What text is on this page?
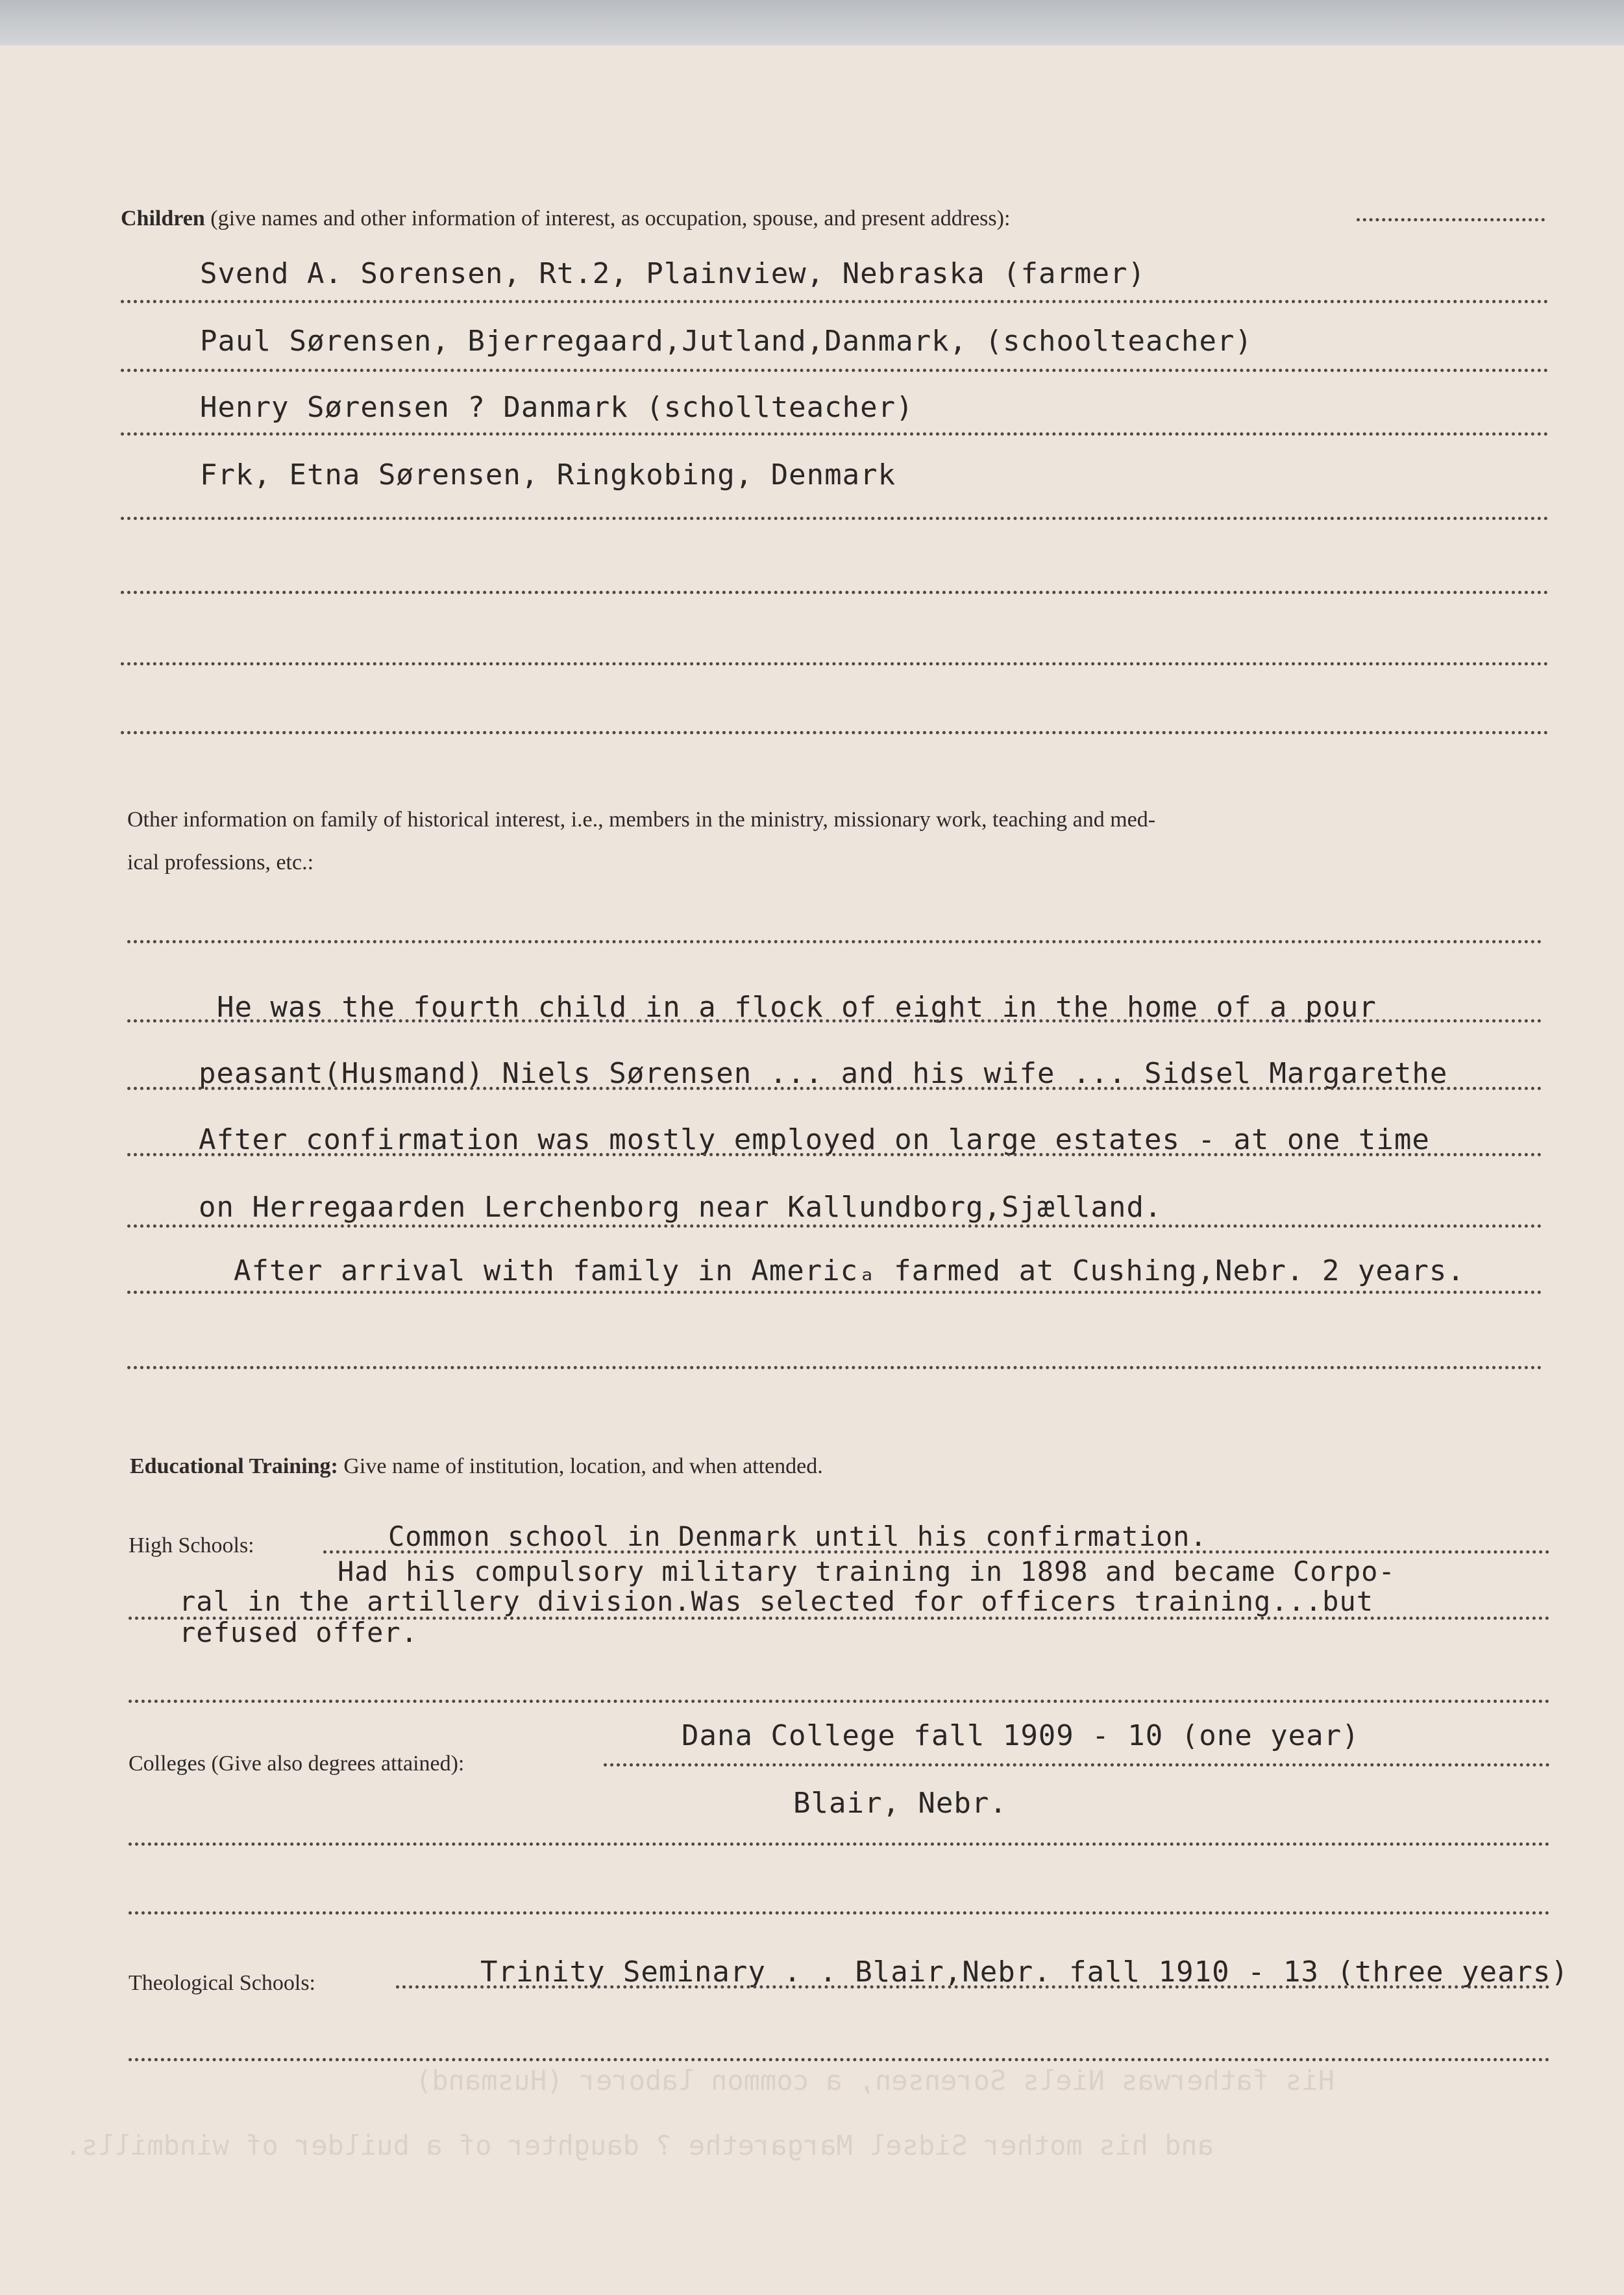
Children (give names and other information of interest, as occupation, spouse, and present address):
Svend A. Sorensen, Rt.2, Plainview, Nebraska (farmer)
Paul Sørensen, Bjerregaard,Jutland,Danmark, (schoolteacher)
Henry Sørensen ? Danmark (schollteacher)
Frk, Etna Sørensen, Ringkobing, Denmark
Other information on family of historical interest, i.e., members in the ministry, missionary work, teaching and med-
ical professions, etc.:
He was the fourth child in a flock of eight in the home of a pour
peasant(Husmand) Niels Sørensen ... and his wife ... Sidsel Margarethe
After confirmation was mostly employed on large estates - at one time
on Herregaarden Lerchenborg near Kallundborg,Sjælland.
After arrival with family in Americₐ farmed at Cushing,Nebr. 2 years.
Educational Training: Give name of institution, location, and when attended.
High Schools:	Common school in Denmark until his confirmation.
Had his compulsory military training in 1898 and became Corpo-
ral in the artillery division.Was selected for officers training...but
refused offer.
Dana College fall 1909 - 10 (one year)
Colleges (Give also degrees attained):
Blair, Nebr.
Theological Schools:	Trinity Seminary . . Blair,Nebr. fall 1910 - 13 (three years)
His fatherwas Niels Sorensen, a common laborer (Husmand)
and his mother Sidsel Margarethe ? daughter of a builder of windmills.
